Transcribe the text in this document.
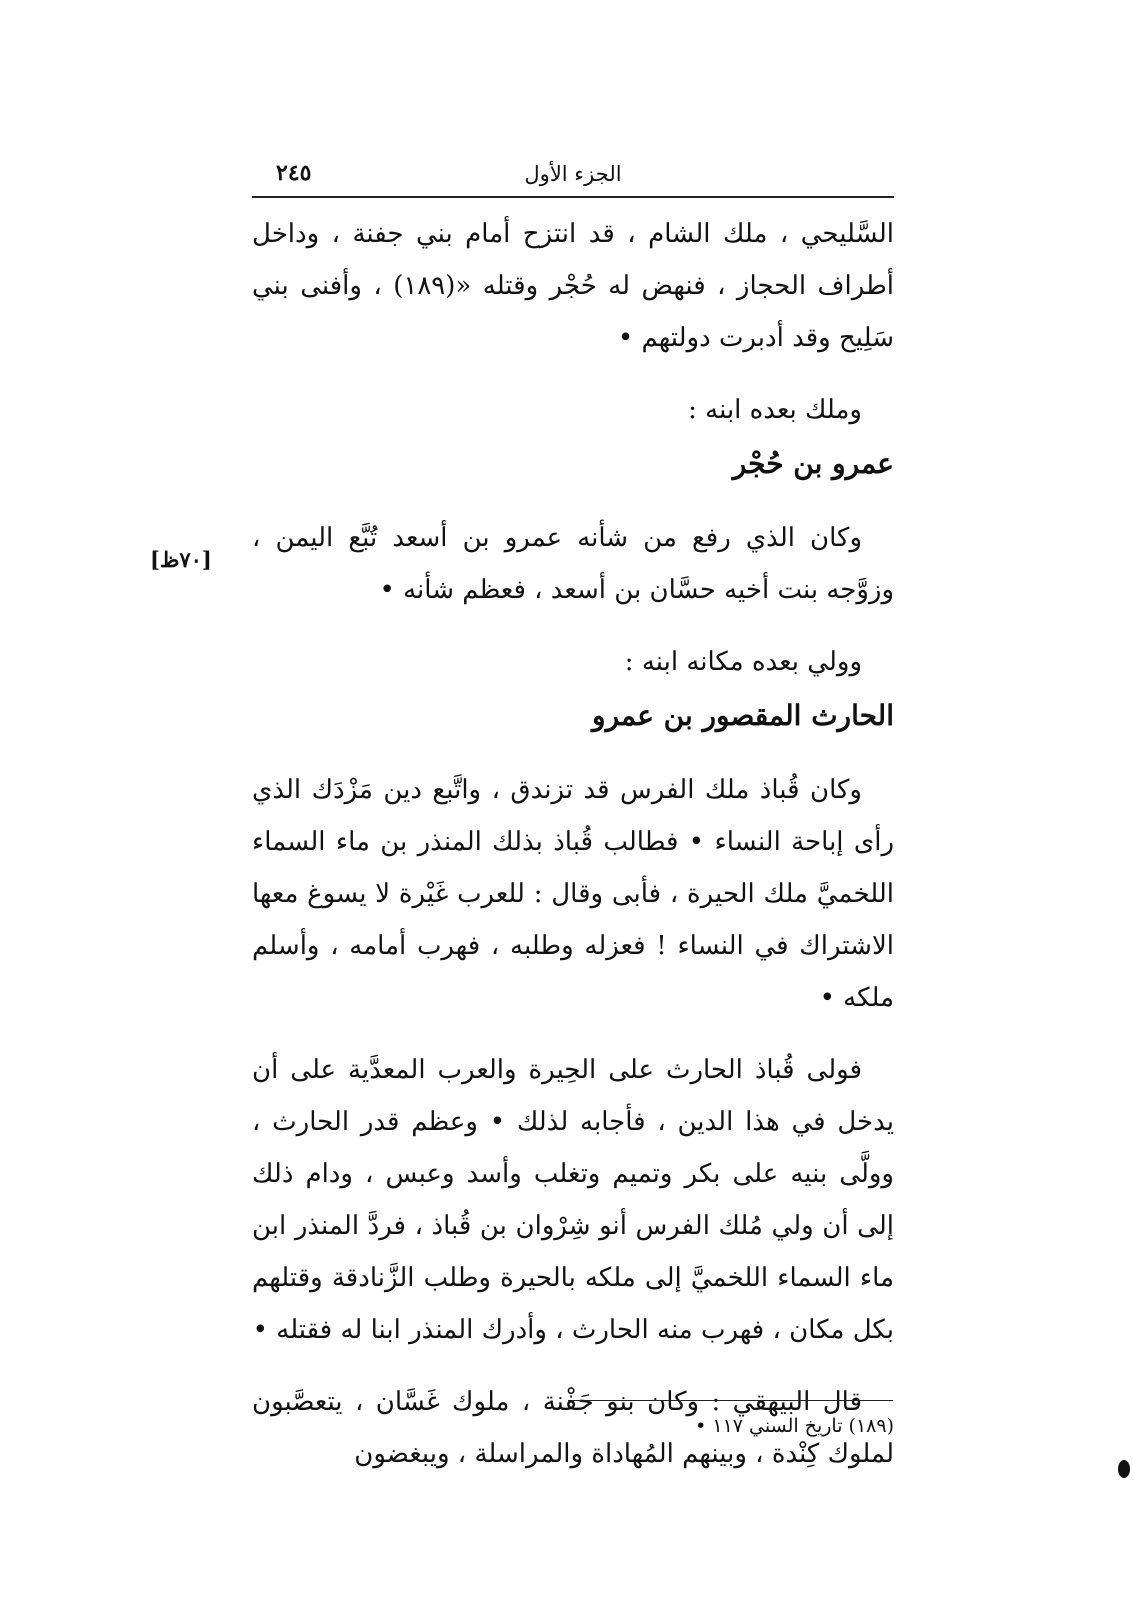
الجزء الأول
٢٤٥
[٧٠ظ]

السَّليحي ، ملك الشام ، قد انتزح أمام بني جفنة ، وداخل أطراف الحجاز ، فنهض له حُجْر وقتله «(١٨٩) ، وأفنى بني سَلِيح وقد أدبرت دولتهم •

وملك بعده ابنه :

عمرو بن حُجْر

وكان الذي رفع من شأنه عمرو بن أسعد تُبَّع اليمن ، وزوَّجه بنت أخيه حسَّان بن أسعد ، فعظم شأنه •

وولي بعده مكانه ابنه :

الحارث المقصور بن عمرو

وكان قُباذ ملك الفرس قد تزندق ، واتَّبع دين مَزْدَك الذي رأى إباحة النساء • فطالب قُباذ بذلك المنذر بن ماء السماء اللخميَّ ملك الحيرة ، فأبى وقال : للعرب غَيْرة لا يسوغ معها الاشتراك في النساء ! فعزله وطلبه ، فهرب أمامه ، وأسلم ملكه •

فولى قُباذ الحارث على الحِيرة والعرب المعدَّية على أن يدخل في هذا الدين ، فأجابه لذلك • وعظم قدر الحارث ، وولَّى بنيه على بكر وتميم وتغلب وأسد وعبس ، ودام ذلك إلى أن ولي مُلك الفرس أنو شِرْوان بن قُباذ ، فردَّ المنذر ابن ماء السماء اللخميَّ إلى ملكه بالحيرة وطلب الزَّنادقة وقتلهم بكل مكان ، فهرب منه الحارث ، وأدرك المنذر ابنا له فقتله •

قال البيهقي : وكان بنو جَفْنة ، ملوك غَسَّان ، يتعصَّبون لملوك كِنْدة ، وبينهم المُهاداة والمراسلة ، ويبغضون

(١٨٩) تاريخ السني ١١٧ •
